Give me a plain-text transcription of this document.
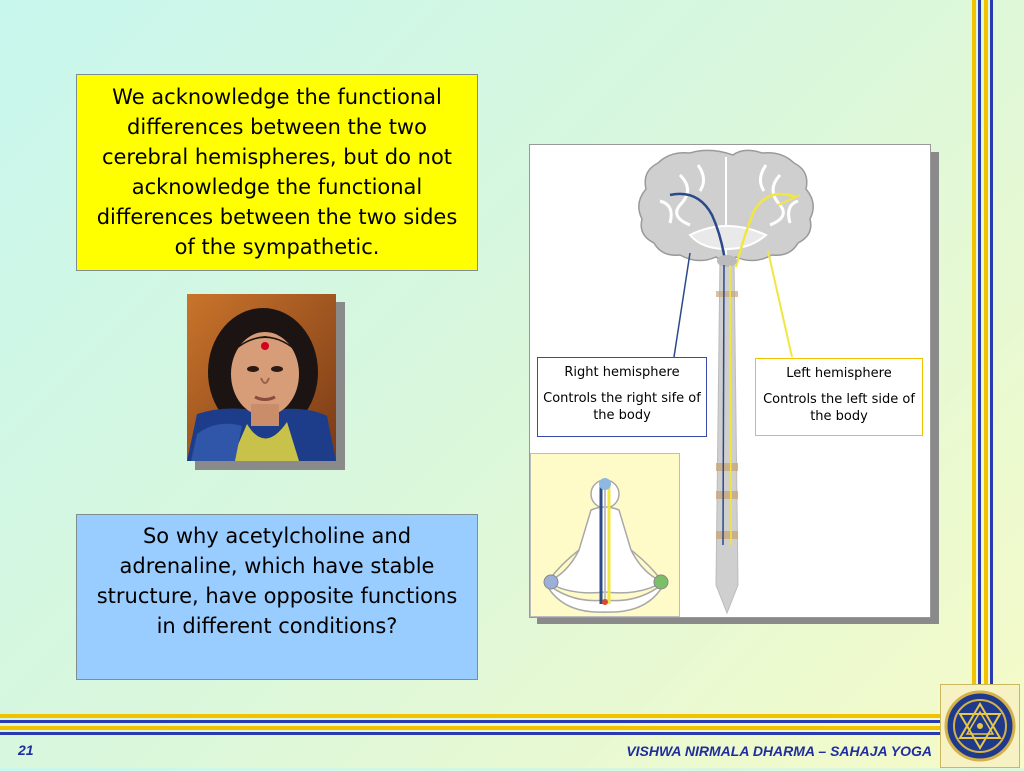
We acknowledge the functional differences between the two cerebral hemispheres, but do not acknowledge the functional differences between the two sides of the sympathetic.
So why acetylcholine and adrenaline, which have stable structure, have opposite functions in different conditions?
Right hemisphere
Controls the right sife of the body
Left hemisphere
Controls the left side of the body
21	VISHWA NIRMALA DHARMA – SAHAJA YOGA
